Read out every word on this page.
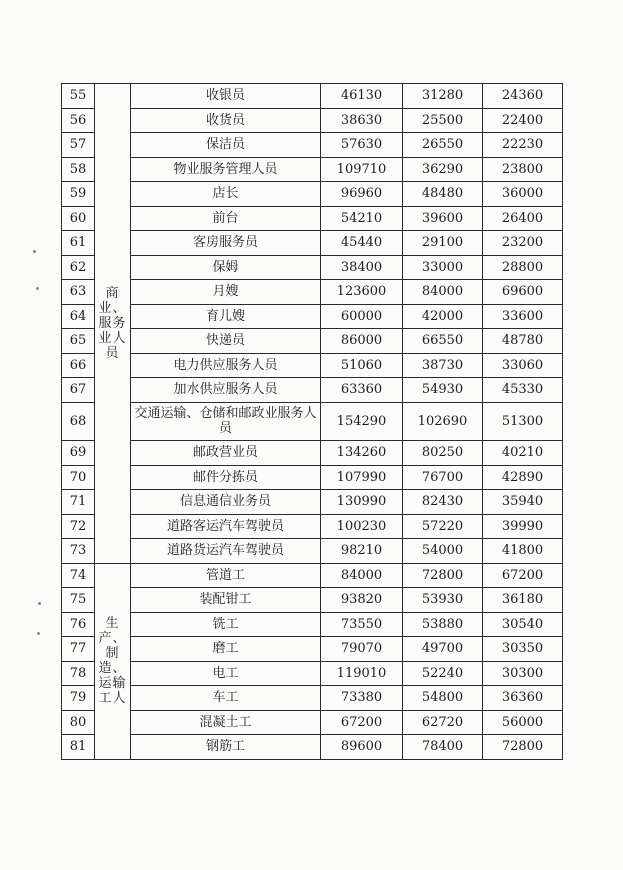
55	商业、服务业人员	收银员	46130	31280	24360
56		收货员	38630	25500	22400
57		保洁员	57630	26550	22230
58		物业服务管理人员	109710	36290	23800
59		店长	96960	48480	36000
60		前台	54210	39600	26400
61		客房服务员	45440	29100	23200
62		保姆	38400	33000	28800
63		月嫂	123600	84000	69600
64		育儿嫂	60000	42000	33600
65		快递员	86000	66550	48780
66		电力供应服务人员	51060	38730	33060
67		加水供应服务人员	63360	54930	45330
68		交通运输、仓储和邮政业服务人员	154290	102690	51300
69		邮政营业员	134260	80250	40210
70		邮件分拣员	107990	76700	42890
71		信息通信业务员	130990	82430	35940
72		道路客运汽车驾驶员	100230	57220	39990
73		道路货运汽车驾驶员	98210	54000	41800
74	生产、制造、运输工人	管道工	84000	72800	67200
75		装配钳工	93820	53930	36180
76		铣工	73550	53880	30540
77		磨工	79070	49700	30350
78		电工	119010	52240	30300
79		车工	73380	54800	36360
80		混凝土工	67200	62720	56000
81		钢筋工	89600	78400	72800
